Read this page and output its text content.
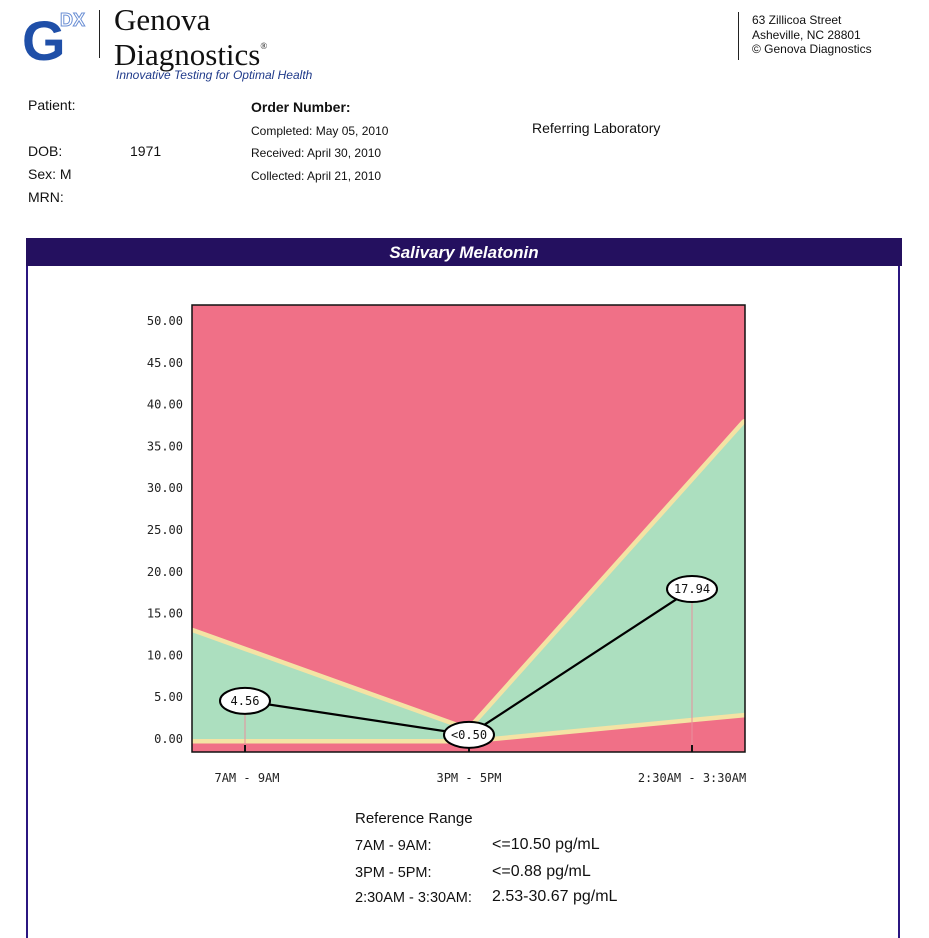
G
DX Genova
Diagnostics®
Innovative Testing for Optimal Health
63 Zillicoa Street
Asheville, NC 28801
© Genova Diagnostics
Patient:
DOB:	1971
Sex: M
MRN:
Order Number:
Completed: May 05, 2010
Received: April 30, 2010
Collected: April 21, 2010
Referring Laboratory
Salivary Melatonin
0.00
5.00
10.00
15.00
20.00
25.00
30.00
35.00
40.00
45.00
50.00
7AM - 9AM	3PM - 5PM	2:30AM - 3:30AM
4.56
<0.50
17.94
Reference Range
7AM - 9AM:	<=10.50 pg/mL
3PM - 5PM:	<=0.88 pg/mL
2:30AM - 3:30AM: 2.53-30.67 pg/mL
